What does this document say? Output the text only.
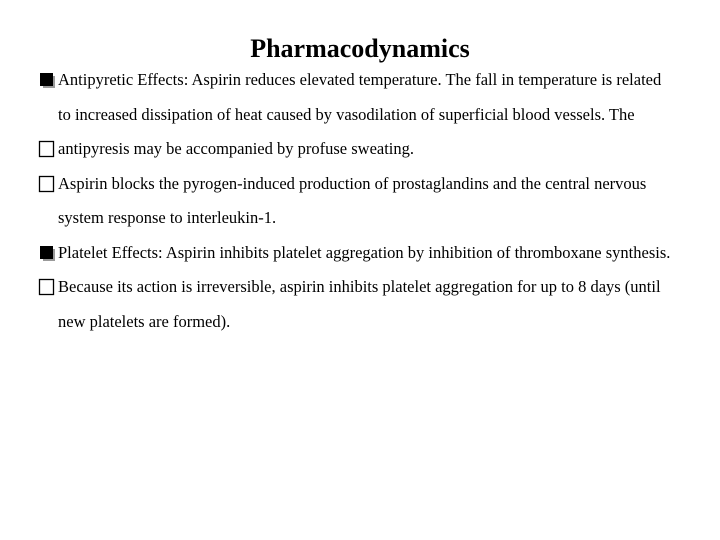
Pharmacodynamics
Antipyretic Effects: Aspirin reduces elevated temperature. The fall in temperature is related to increased dissipation of heat caused by vasodilation of superficial blood vessels. The
antipyresis may be accompanied by profuse sweating.
Aspirin blocks the pyrogen-induced production of prostaglandins and the central nervous system response to interleukin-1.
Platelet Effects: Aspirin inhibits platelet aggregation by inhibition of thromboxane synthesis.
Because its action is irreversible, aspirin inhibits platelet aggregation for up to 8 days (until new platelets are formed).
